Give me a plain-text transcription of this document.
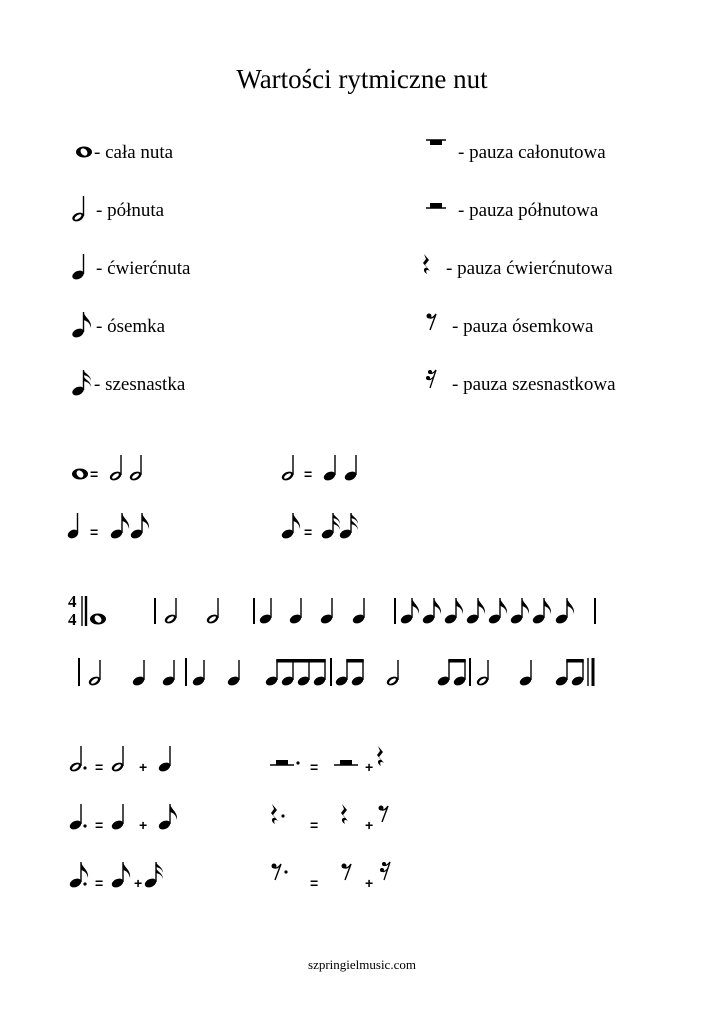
Wartości rytmiczne nut
- cała nuta
- półnuta
- ćwierćnuta
- ósemka
- szesnastka
- pauza całonutowa
- pauza półnutowa
- pauza ćwierćnutowa
- pauza ósemkowa
- pauza szesnastkowa
=	=
=	=
4
4
=	+
=	+
= +
=	+
=	+
=	+
szpringielmusic.com
